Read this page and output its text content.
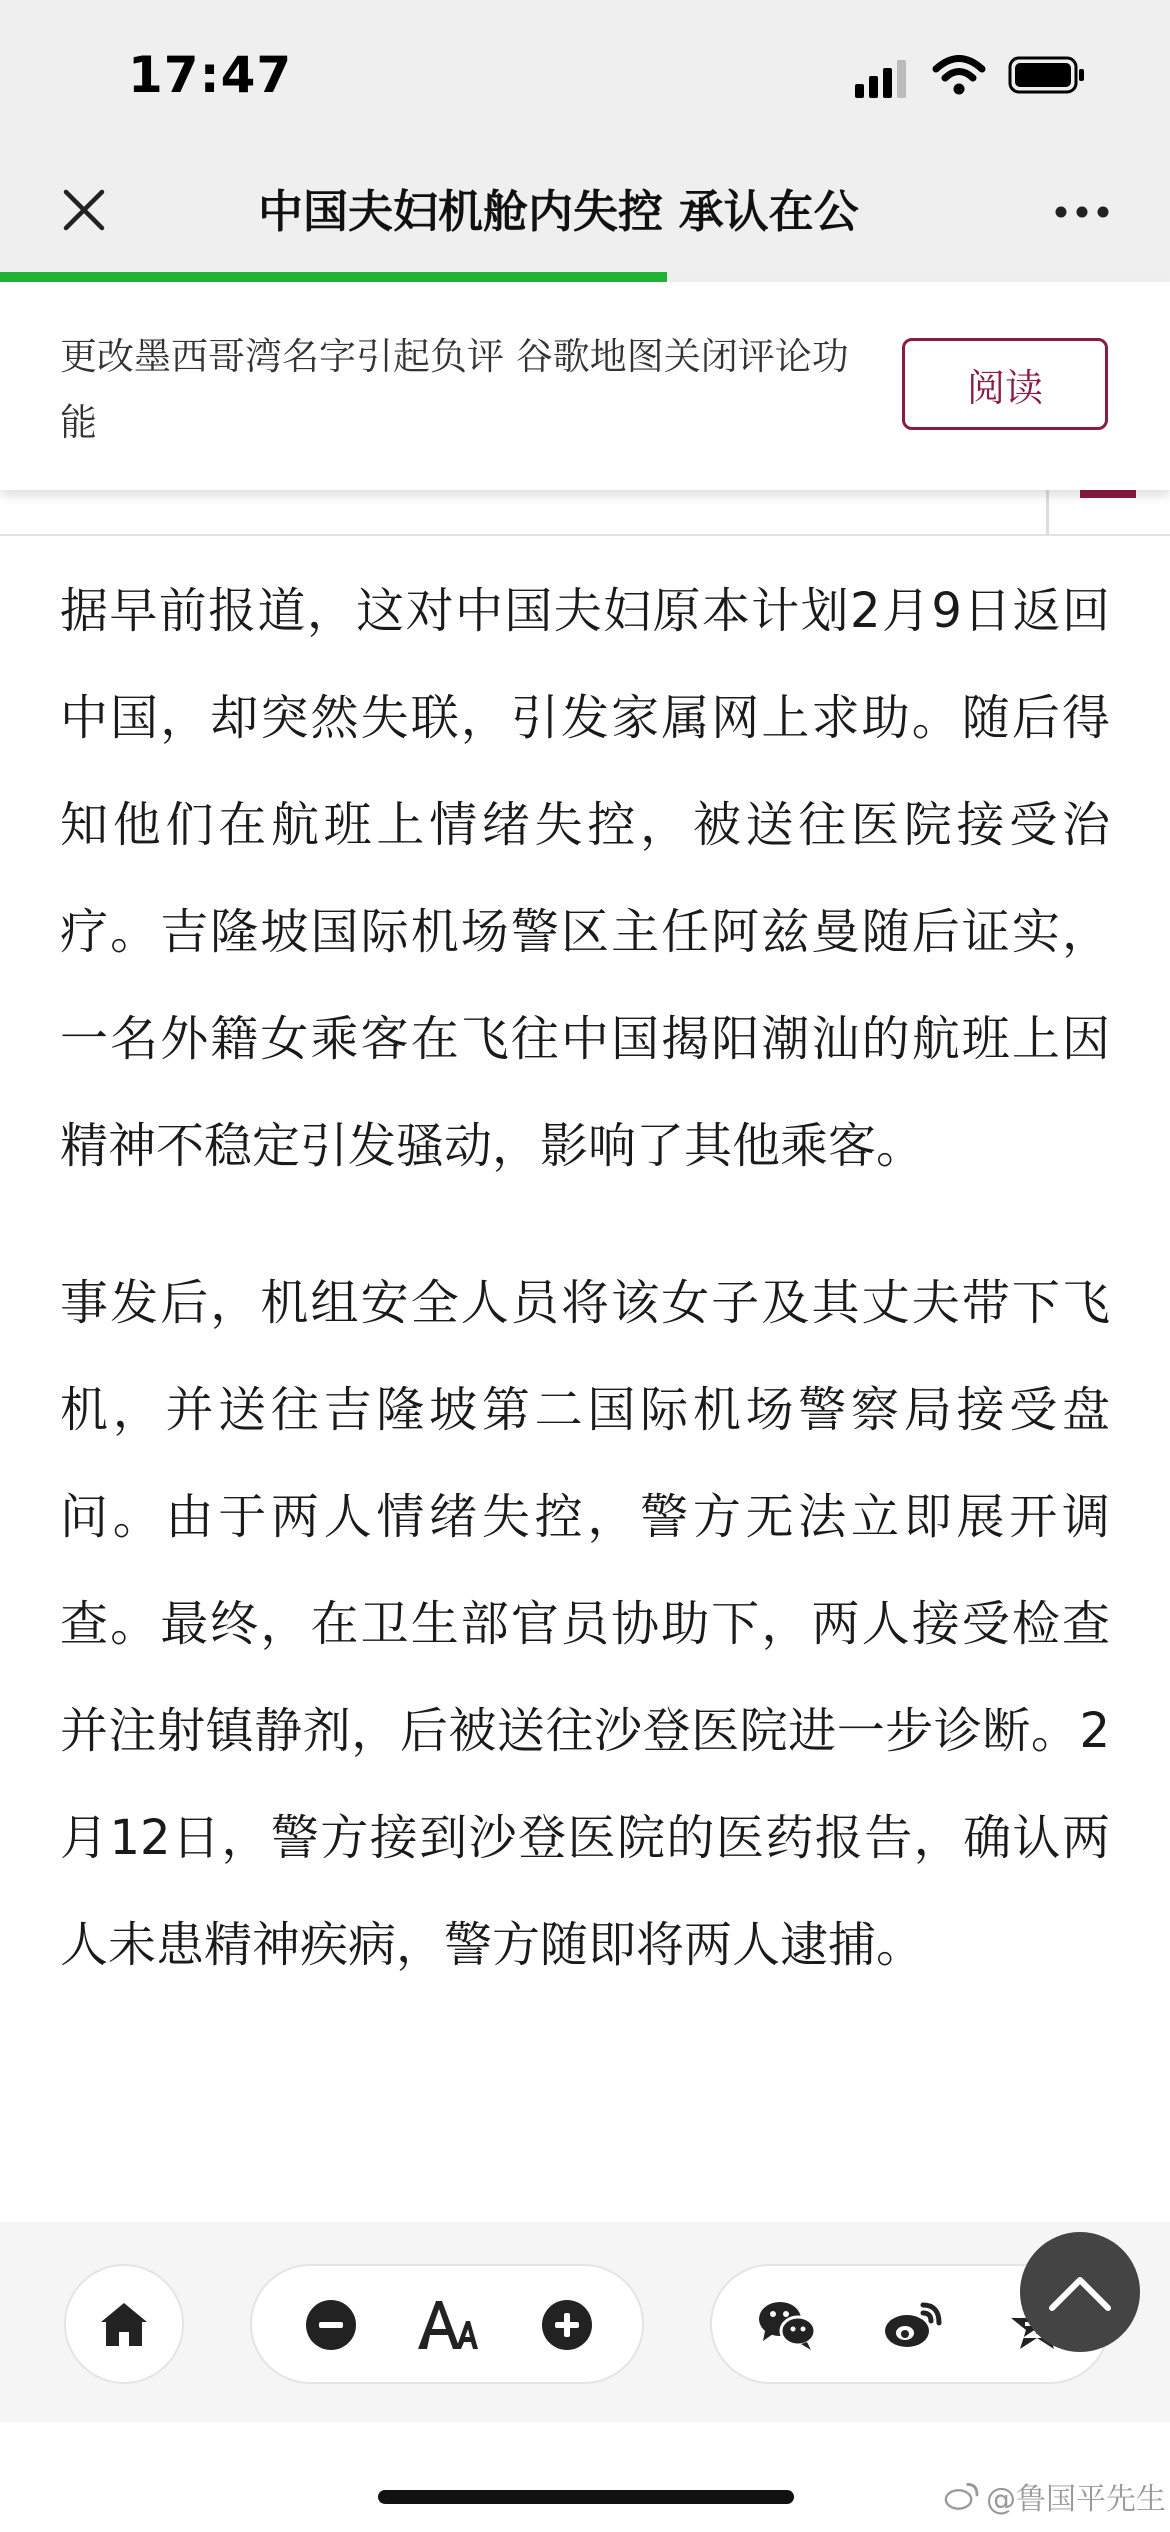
17:47
中国夫妇机舱内失控 承认在公
更改墨西哥湾名字引起负评 谷歌地图关闭评论功能
阅读

据早前报道，这对中国夫妇原本计划2月9日返回中国，却突然失联，引发家属网上求助。随后得知他们在航班上情绪失控，被送往医院接受治疗。吉隆坡国际机场警区主任阿兹曼随后证实，一名外籍女乘客在飞往中国揭阳潮汕的航班上因精神不稳定引发骚动，影响了其他乘客。

事发后，机组安全人员将该女子及其丈夫带下飞机，并送往吉隆坡第二国际机场警察局接受盘问。由于两人情绪失控，警方无法立即展开调查。最终，在卫生部官员协助下，两人接受检查并注射镇静剂，后被送往沙登医院进一步诊断。2月12日，警方接到沙登医院的医药报告，确认两人未患精神疾病，警方随即将两人逮捕。

@鲁国平先生
